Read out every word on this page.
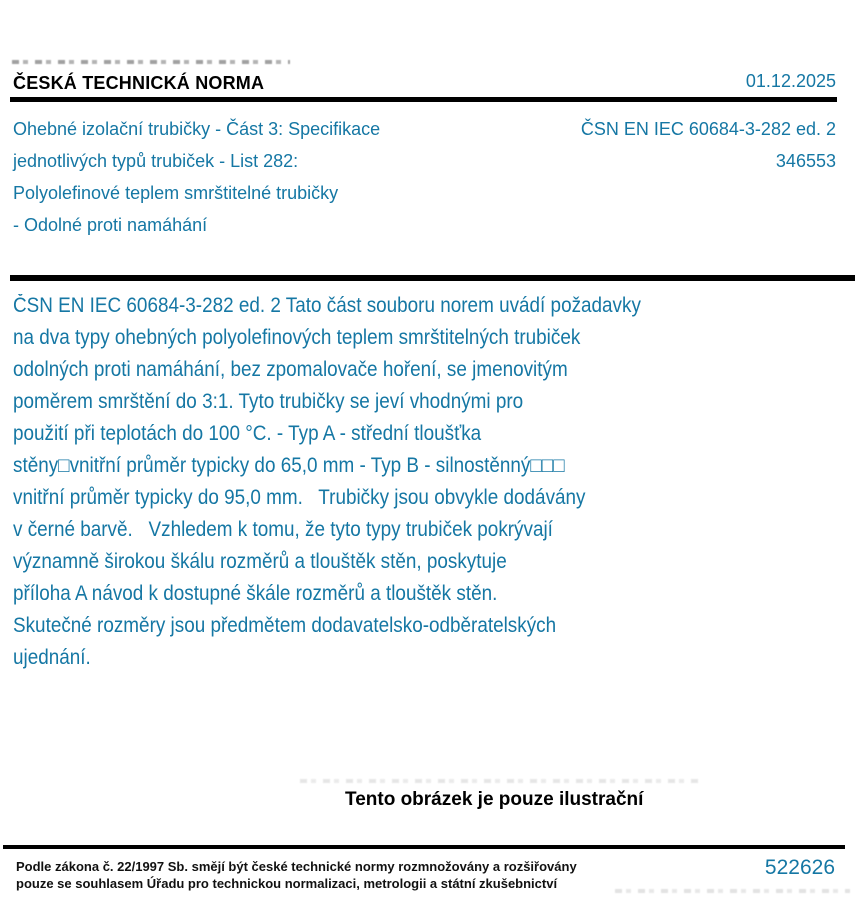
ČESKÁ TECHNICKÁ NORMA	01.12.2025
Ohebné izolační trubičky - Část 3: Specifikace
jednotlivých typů trubiček - List 282:
Polyolefinové teplem smrštitelné trubičky
- Odolné proti namáhání
ČSN EN IEC 60684-3-282 ed. 2
346553
ČSN EN IEC 60684-3-282 ed. 2 Tato část souboru norem uvádí požadavky
na dva typy ohebných polyolefinových teplem smrštitelných trubiček
odolných proti namáhání, bez zpomalovače hoření, se jmenovitým
poměrem smrštění do 3:1. Tyto trubičky se jeví vhodnými pro
použití při teplotách do 100 °C. - Typ A - střední tloušťka
stěny□vnitřní průměr typicky do 65,0 mm - Typ B - silnostěnný□□□
vnitřní průměr typicky do 95,0 mm.   Trubičky jsou obvykle dodávány
v černé barvě.   Vzhledem k tomu, že tyto typy trubiček pokrývají
významně širokou škálu rozměrů a tlouštěk stěn, poskytuje
příloha A návod k dostupné škále rozměrů a tlouštěk stěn.
Skutečné rozměry jsou předmětem dodavatelsko-odběratelských
ujednání.
Tento obrázek je pouze ilustrační
Podle zákona č. 22/1997 Sb. smějí být české technické normy rozmnožovány a rozšiřovány
pouze se souhlasem Úřadu pro technickou normalizaci, metrologii a státní zkušebnictví
522626
